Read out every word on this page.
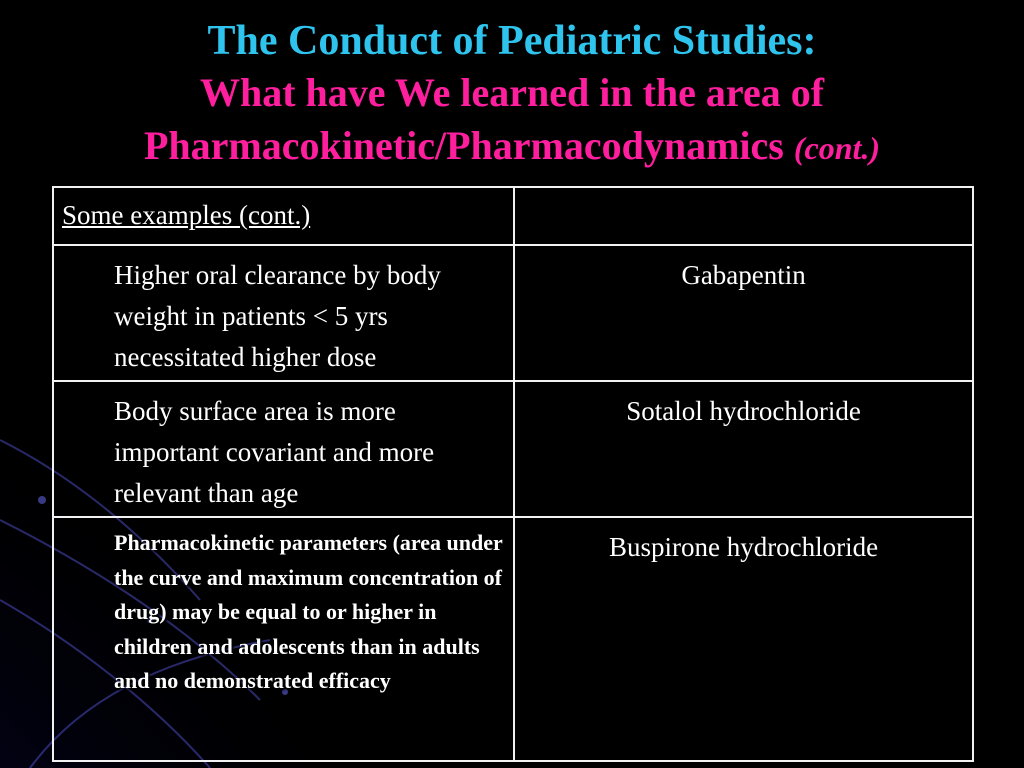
The Conduct of Pediatric Studies:
What have We learned in the area of
Pharmacokinetic/Pharmacodynamics (cont.)
Some examples (cont.)	

Higher oral clearance by body weight in patients < 5 yrs necessitated higher dose	Gabapentin

Body surface area is more important covariant and more relevant than age	Sotalol hydrochloride

Pharmacokinetic parameters (area under the curve and maximum concentration of drug) may be equal to or higher in children and adolescents than in adults and no demonstrated efficacy	Buspirone hydrochloride
